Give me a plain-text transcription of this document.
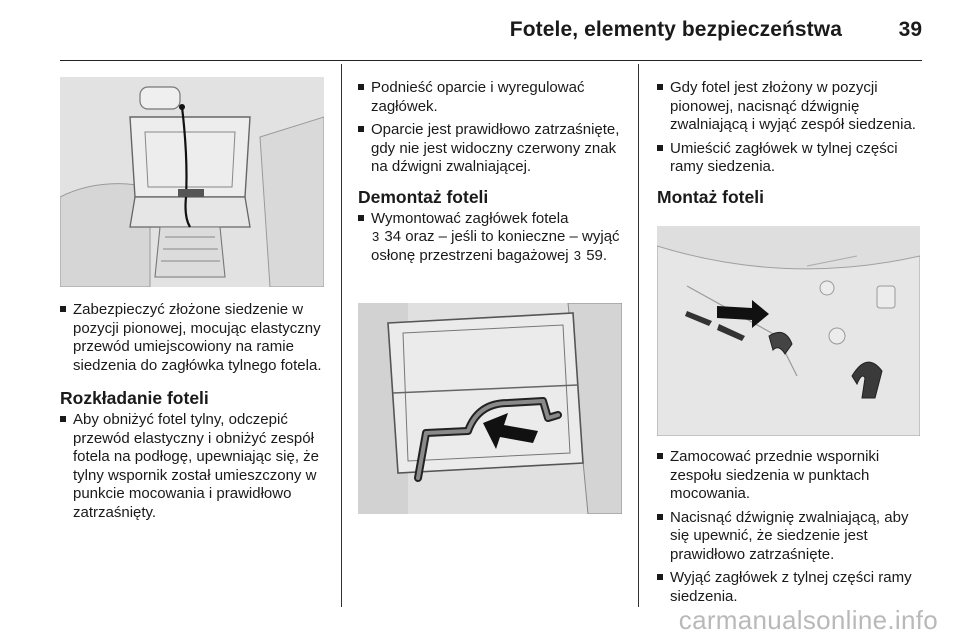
Fotele, elementy bezpieczeństwa	39
Zabezpieczyć złożone siedzenie w pozycji pionowej, mocując elastyczny przewód umiejscowiony na ramie siedzenia do zagłówka tylnego fotela.
Rozkładanie foteli
Aby obniżyć fotel tylny, odczepić przewód elastyczny i obniżyć zespół fotela na podłogę, upewniając się, że tylny wspornik został umieszczony w punkcie mocowania i prawidłowo zatrzaśnięty.
Podnieść oparcie i wyregulować zagłówek.
Oparcie jest prawidłowo zatrzaśnięte, gdy nie jest widoczny czerwony znak na dźwigni zwalniającej.
Demontaż foteli
Wymontować zagłówek fotela
3 34 oraz – jeśli to konieczne – wyjąć osłonę przestrzeni bagażowej 3 59.
Gdy fotel jest złożony w pozycji pionowej, nacisnąć dźwignię zwalniającą i wyjąć zespół siedzenia.
Umieścić zagłówek w tylnej części ramy siedzenia.
Montaż foteli
Zamocować przednie wsporniki zespołu siedzenia w punktach mocowania.
Nacisnąć dźwignię zwalniającą, aby się upewnić, że siedzenie jest prawidłowo zatrzaśnięte.
Wyjąć zagłówek z tylnej części ramy siedzenia.
carmanualsonline.info
